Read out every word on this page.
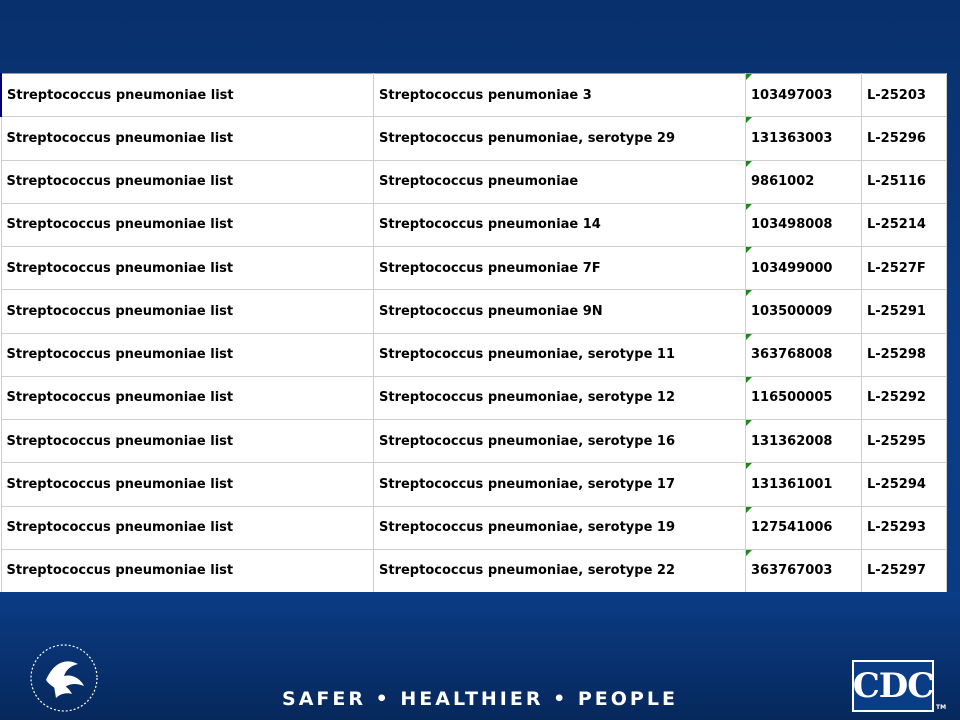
Streptococcus pneumoniae list	Streptococcus penumoniae 3	103497003	L-25203
Streptococcus pneumoniae list	Streptococcus penumoniae, serotype 29	131363003	L-25296
Streptococcus pneumoniae list	Streptococcus pneumoniae	9861002	L-25116
Streptococcus pneumoniae list	Streptococcus pneumoniae 14	103498008	L-25214
Streptococcus pneumoniae list	Streptococcus pneumoniae 7F	103499000	L-2527F
Streptococcus pneumoniae list	Streptococcus pneumoniae 9N	103500009	L-25291
Streptococcus pneumoniae list	Streptococcus pneumoniae, serotype 11	363768008	L-25298
Streptococcus pneumoniae list	Streptococcus pneumoniae, serotype 12	116500005	L-25292
Streptococcus pneumoniae list	Streptococcus pneumoniae, serotype 16	131362008	L-25295
Streptococcus pneumoniae list	Streptococcus pneumoniae, serotype 17	131361001	L-25294
Streptococcus pneumoniae list	Streptococcus pneumoniae, serotype 19	127541006	L-25293
Streptococcus pneumoniae list	Streptococcus pneumoniae, serotype 22	363767003	L-25297
SAFER • HEALTHIER • PEOPLE	CDC
TM
